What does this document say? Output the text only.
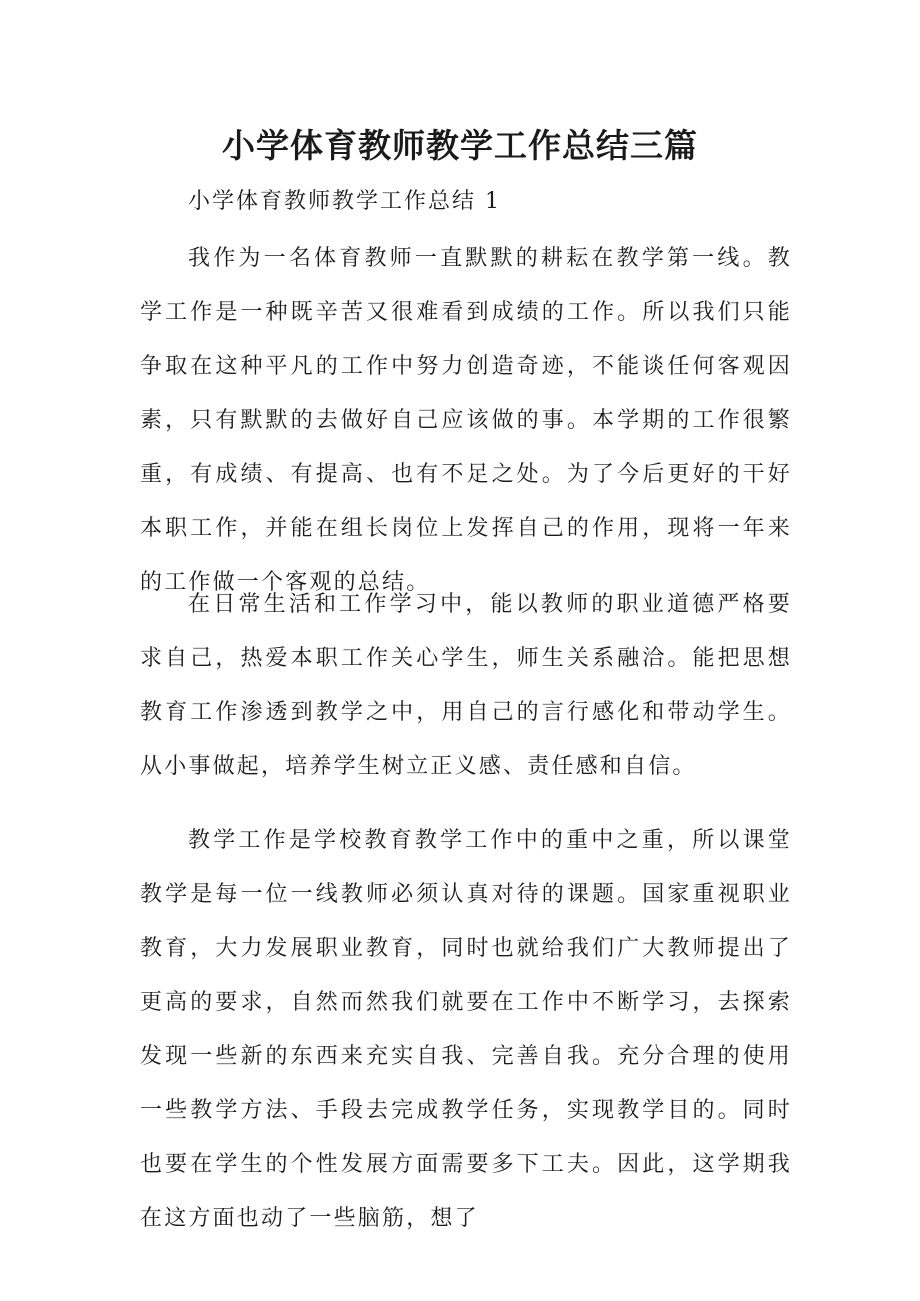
小学体育教师教学工作总结三篇

小学体育教师教学工作总结 1

我作为一名体育教师一直默默的耕耘在教学第一线。教学工作是一种既辛苦又很难看到成绩的工作。所以我们只能争取在这种平凡的工作中努力创造奇迹，不能谈任何客观因素，只有默默的去做好自己应该做的事。本学期的工作很繁重，有成绩、有提高、也有不足之处。为了今后更好的干好本职工作，并能在组长岗位上发挥自己的作用，现将一年来的工作做一个客观的总结。

在日常生活和工作学习中，能以教师的职业道德严格要求自己，热爱本职工作关心学生，师生关系融洽。能把思想教育工作渗透到教学之中，用自己的言行感化和带动学生。从小事做起，培养学生树立正义感、责任感和自信。

教学工作是学校教育教学工作中的重中之重，所以课堂教学是每一位一线教师必须认真对待的课题。国家重视职业教育，大力发展职业教育，同时也就给我们广大教师提出了更高的要求，自然而然我们就要在工作中不断学习，去探索发现一些新的东西来充实自我、完善自我。充分合理的使用一些教学方法、手段去完成教学任务，实现教学目的。同时也要在学生的个性发展方面需要多下工夫。因此，这学期我在这方面也动了一些脑筋，想了
